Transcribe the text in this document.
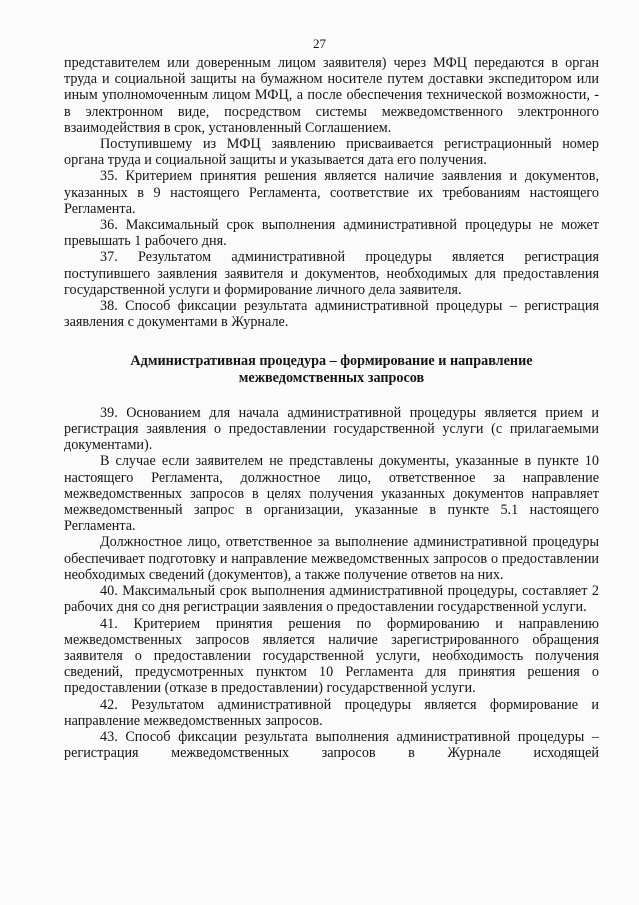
27

представителем или доверенным лицом заявителя) через МФЦ передаются в орган труда и социальной защиты на бумажном носителе путем доставки экспедитором или иным уполномоченным лицом МФЦ, а после обеспечения технической возможности, - в электронном виде, посредством системы межведомственного электронного взаимодействия в срок, установленный Соглашением.

Поступившему из МФЦ заявлению присваивается регистрационный номер органа труда и социальной защиты и указывается дата его получения.

35. Критерием принятия решения является наличие заявления и документов, указанных в 9 настоящего Регламента, соответствие их требованиям настоящего Регламента.

36. Максимальный срок выполнения административной процедуры не может превышать 1 рабочего дня.

37. Результатом административной процедуры является регистрация поступившего заявления заявителя и документов, необходимых для предоставления государственной услуги и формирование личного дела заявителя.

38. Способ фиксации результата административной процедуры – регистрация заявления с документами в Журнале.

Административная процедура – формирование и направление
межведомственных запросов

39. Основанием для начала административной процедуры является прием и регистрация заявления о предоставлении государственной услуги (с прилагаемыми документами).

В случае если заявителем не представлены документы, указанные в пункте 10 настоящего Регламента, должностное лицо, ответственное за направление межведомственных запросов в целях получения указанных документов направляет межведомственный запрос в организации, указанные в пункте 5.1 настоящего Регламента.

Должностное лицо, ответственное за выполнение административной процедуры обеспечивает подготовку и направление межведомственных запросов о предоставлении необходимых сведений (документов), а также получение ответов на них.

40. Максимальный срок выполнения административной процедуры, составляет 2 рабочих дня со дня регистрации заявления о предоставлении государственной услуги.

41. Критерием принятия решения по формированию и направлению межведомственных запросов является наличие зарегистрированного обращения заявителя о предоставлении государственной услуги, необходимость получения сведений, предусмотренных пунктом 10 Регламента для принятия решения о предоставлении (отказе в предоставлении) государственной услуги.

42. Результатом административной процедуры является формирование и направление межведомственных запросов.

43. Способ фиксации результата выполнения административной процедуры – регистрация межведомственных запросов в Журнале исходящей
